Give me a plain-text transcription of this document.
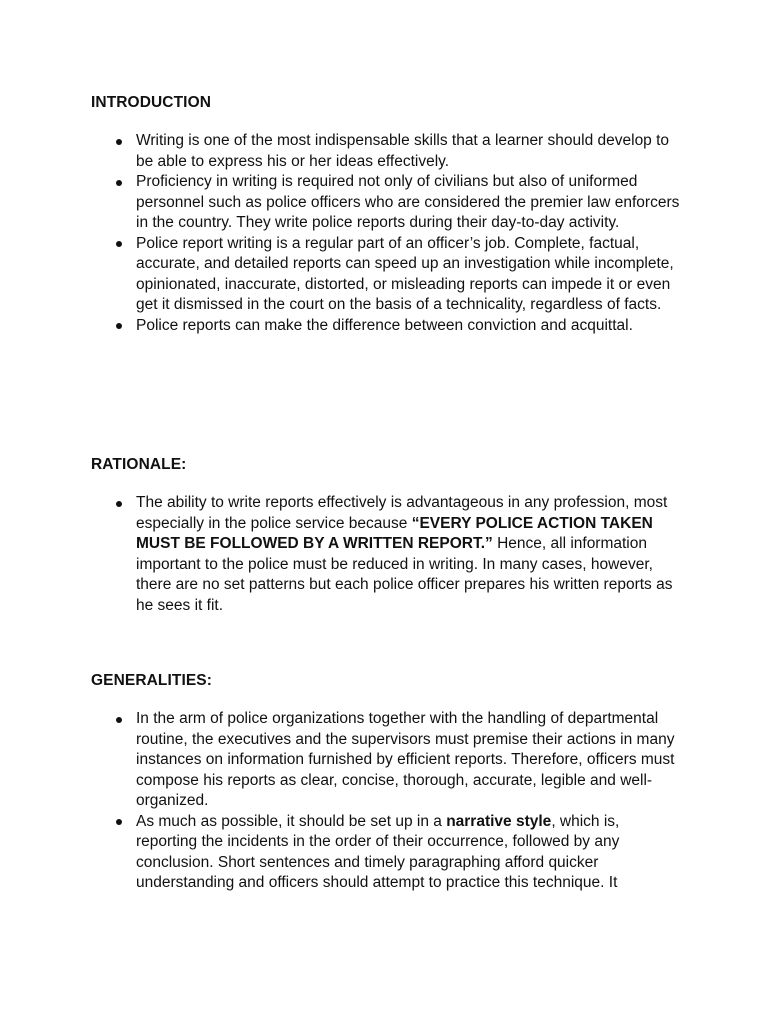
INTRODUCTION
Writing is one of the most indispensable skills that a learner should develop to be able to express his or her ideas effectively.
Proficiency in writing is required not only of civilians but also of uniformed personnel such as police officers who are considered the premier law enforcers in the country. They write police reports during their day-to-day activity.
Police report writing is a regular part of an officer’s job. Complete, factual, accurate, and detailed reports can speed up an investigation while incomplete, opinionated, inaccurate, distorted, or misleading reports can impede it or even get it dismissed in the court on the basis of a technicality, regardless of facts.
Police reports can make the difference between conviction and acquittal.
RATIONALE:
The ability to write reports effectively is advantageous in any profession, most especially in the police service because “EVERY POLICE ACTION TAKEN MUST BE FOLLOWED BY A WRITTEN REPORT.” Hence, all information important to the police must be reduced in writing. In many cases, however, there are no set patterns but each police officer prepares his written reports as he sees it fit.
GENERALITIES:
In the arm of police organizations together with the handling of departmental routine, the executives and the supervisors must premise their actions in many instances on information furnished by efficient reports. Therefore, officers must compose his reports as clear, concise, thorough, accurate, legible and well-organized.
As much as possible, it should be set up in a narrative style, which is, reporting the incidents in the order of their occurrence, followed by any conclusion. Short sentences and timely paragraphing afford quicker understanding and officers should attempt to practice this technique. It
